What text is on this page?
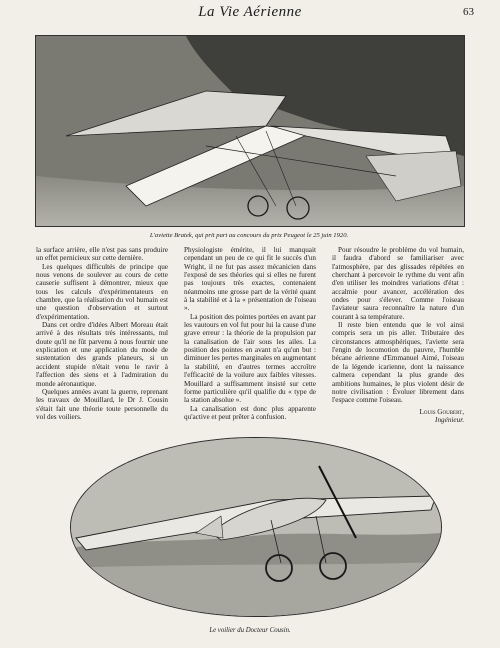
La Vie Aérienne	63
L'aviette Bratek, qui prit part au concours du prix Peugeot le 25 juin 1920.

la surface arrière, elle n'est pas sans produire un effet pernicieux sur cette dernière.

Les quelques difficultés de principe que nous venons de soulever au cours de cette causerie suffisent à démontrer, mieux que tous les calculs d'expérimentateurs en chambre, que la réalisation du vol humain est une question d'observation et surtout d'expérimentation.

Dans cet ordre d'idées Albert Moreau était arrivé à des résultats très intéressants, nul doute qu'il ne fût parvenu à nous fournir une explication et une application du mode de sustentation des grands planeurs, si un accident stupide n'était venu le ravir à l'affection des siens et à l'admiration du monde aéronautique.

Quelques années avant la guerre, reprenant les travaux de Mouillard, le Dr J. Cousin s'était fait une théorie toute personnelle du vol des voiliers.

Physiologiste émérite, il lui manquait cependant un peu de ce qui fit le succès d'un Wright, il ne fut pas assez mécanicien dans l'exposé de ses théories qui si elles ne furent pas toujours très exactes, contenaient néanmoins une grosse part de la vérité quant à la stabilité et à la « présentation de l'oiseau ».

La position des pointes portées en avant par les vautours en vol fut pour lui la cause d'une grave erreur : la théorie de la propulsion par la canalisation de l'air sous les ailes. La position des pointes en avant n'a qu'un but : diminuer les pertes marginales en augmentant la stabilité, en d'autres termes accroître l'efficacité de la voilure aux faibles vitesses. Mouillard a suffisamment insisté sur cette forme particulière qu'il qualifie du « type de la station absolue ».

La canalisation est donc plus apparente qu'active et peut prêter à confusion.

Pour résoudre le problème du vol humain, il faudra d'abord se familiariser avec l'atmosphère, par des glissades répétées en cherchant à percevoir le rythme du vent afin d'en utiliser les moindres variations d'état : accalmie pour avancer, accélération des ondes pour s'élever. Comme l'oiseau l'aviateur saura reconnaître la nature d'un courant à sa température.

Il reste bien entendu que le vol ainsi compris sera un pis aller. Tributaire des circonstances atmosphériques, l'aviette sera l'engin de locomotion du pauvre, l'humble bécane aérienne d'Emmanuel Aimé, l'oiseau de la légende icarienne, dont la naissance calmera cependant la plus grande des ambitions humaines, le plus violent désir de notre civilisation : Évoluer librement dans l'espace comme l'oiseau.

Louis Goubert,
Ingénieur.
Le voilier du Docteur Cousin.
